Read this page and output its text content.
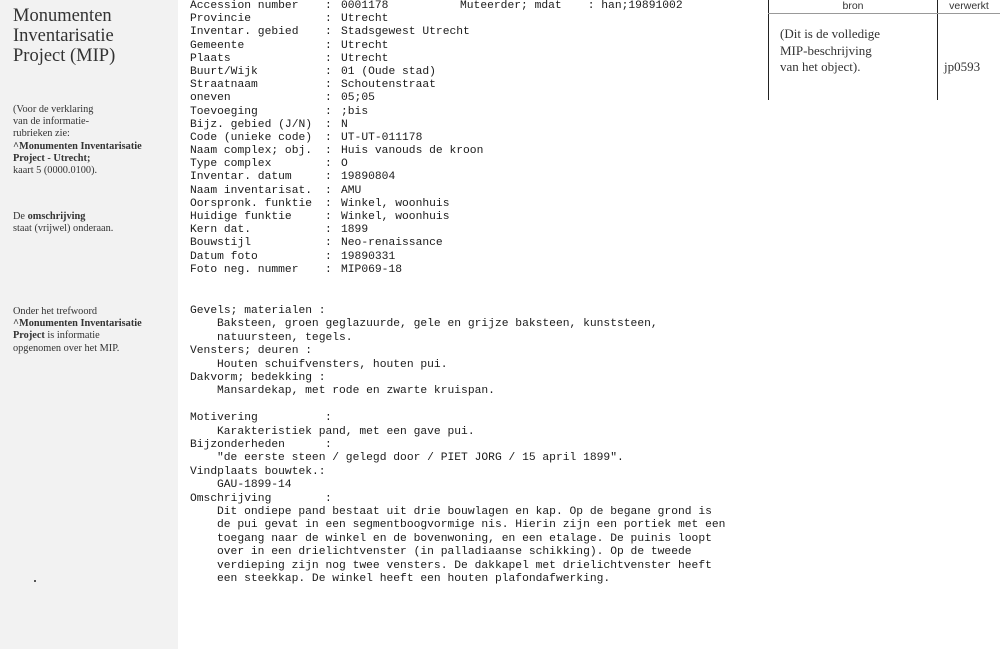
Monumenten
Inventarisatie
Project (MIP)
(Voor de verklaring
van de informatie-
rubrieken zie:
^Monumenten Inventarisatie
Project - Utrecht;
kaart 5 (0000.0100).
De omschrijving
staat (vrijwel) onderaan.
Onder het trefwoord
^Monumenten Inventarisatie
Project is informatie
opgenomen over het MIP.
Muteerder; mdat : han;19891002
Accession number : 0001178
Provincie	: Utrecht
Inventar. gebied : Stadsgewest Utrecht
Gemeente	: Utrecht
Plaats	: Utrecht
Buurt/Wijk	: 01 (Oude stad)
Straatnaam	: Schoutenstraat
oneven	: 05;05
Toevoeging	: ;bis
Bijz. gebied (J/N) : N
Code (unieke code) : UT-UT-011178
Naam complex; obj. : Huis vanouds de kroon
Type complex	: O
Inventar. datum	: 19890804
Naam inventarisat. : AMU
Oorspronk. funktie : Winkel, woonhuis
Huidige funktie	: Winkel, woonhuis
Kern dat.	: 1899
Bouwstijl	: Neo-renaissance
Datum foto	: 19890331
Foto neg. nummer : MIP069-18
Gevels; materialen :
Baksteen, groen geglazuurde, gele en grijze baksteen, kunststeen,
natuursteen, tegels.
Vensters; deuren :
Houten schuifvensters, houten pui.
Dakvorm; bedekking :
Mansardekap, met rode en zwarte kruispan.
Motivering	:
Karakteristiek pand, met een gave pui.
Bijzonderheden	:
"de eerste steen / gelegd door / PIET JORG / 15 april 1899".
Vindplaats bouwtek.:
GAU-1899-14
Omschrijving	:
Dit ondiepe pand bestaat uit drie bouwlagen en kap. Op de begane grond is
de pui gevat in een segmentboogvormige nis. Hierin zijn een portiek met een
toegang naar de winkel en de bovenwoning, en een etalage. De puinis loopt
over in een drielichtvenster (in palladiaanse schikking). Op de tweede
verdieping zijn nog twee vensters. De dakkapel met drielichtvenster heeft
een steekkap. De winkel heeft een houten plafondafwerking.
bron	verwerkt
(Dit is de volledige
MIP-beschrijving
van het object).	jp0593
